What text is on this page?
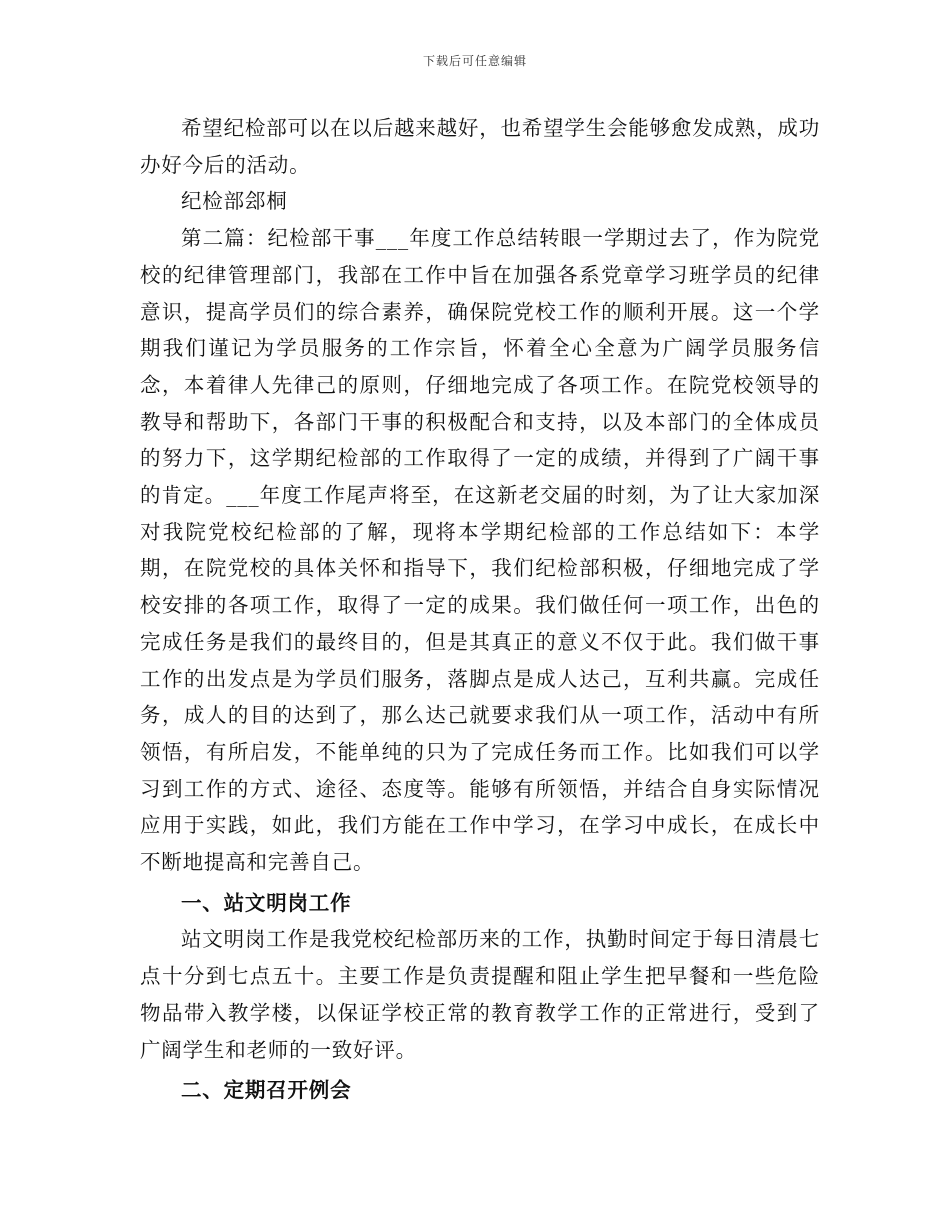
下载后可任意编辑

希望纪检部可以在以后越来越好，也希望学生会能够愈发成熟，成功办好今后的活动。

纪检部郐桐

第二篇：纪检部干事___年度工作总结转眼一学期过去了，作为院党校的纪律管理部门，我部在工作中旨在加强各系党章学习班学员的纪律意识，提高学员们的综合素养，确保院党校工作的顺利开展。这一个学期我们谨记为学员服务的工作宗旨，怀着全心全意为广阔学员服务信念，本着律人先律己的原则，仔细地完成了各项工作。在院党校领导的教导和帮助下，各部门干事的积极配合和支持，以及本部门的全体成员的努力下，这学期纪检部的工作取得了一定的成绩，并得到了广阔干事的肯定。___年度工作尾声将至，在这新老交届的时刻，为了让大家加深对我院党校纪检部的了解，现将本学期纪检部的工作总结如下：本学期，在院党校的具体关怀和指导下，我们纪检部积极，仔细地完成了学校安排的各项工作，取得了一定的成果。我们做任何一项工作，出色的完成任务是我们的最终目的，但是其真正的意义不仅于此。我们做干事工作的出发点是为学员们服务，落脚点是成人达己，互利共赢。完成任务，成人的目的达到了，那么达己就要求我们从一项工作，活动中有所领悟，有所启发，不能单纯的只为了完成任务而工作。比如我们可以学习到工作的方式、途径、态度等。能够有所领悟，并结合自身实际情况应用于实践，如此，我们方能在工作中学习，在学习中成长，在成长中不断地提高和完善自己。

一、站文明岗工作

站文明岗工作是我党校纪检部历来的工作，执勤时间定于每日清晨七点十分到七点五十。主要工作是负责提醒和阻止学生把早餐和一些危险物品带入教学楼，以保证学校正常的教育教学工作的正常进行，受到了广阔学生和老师的一致好评。

二、定期召开例会
